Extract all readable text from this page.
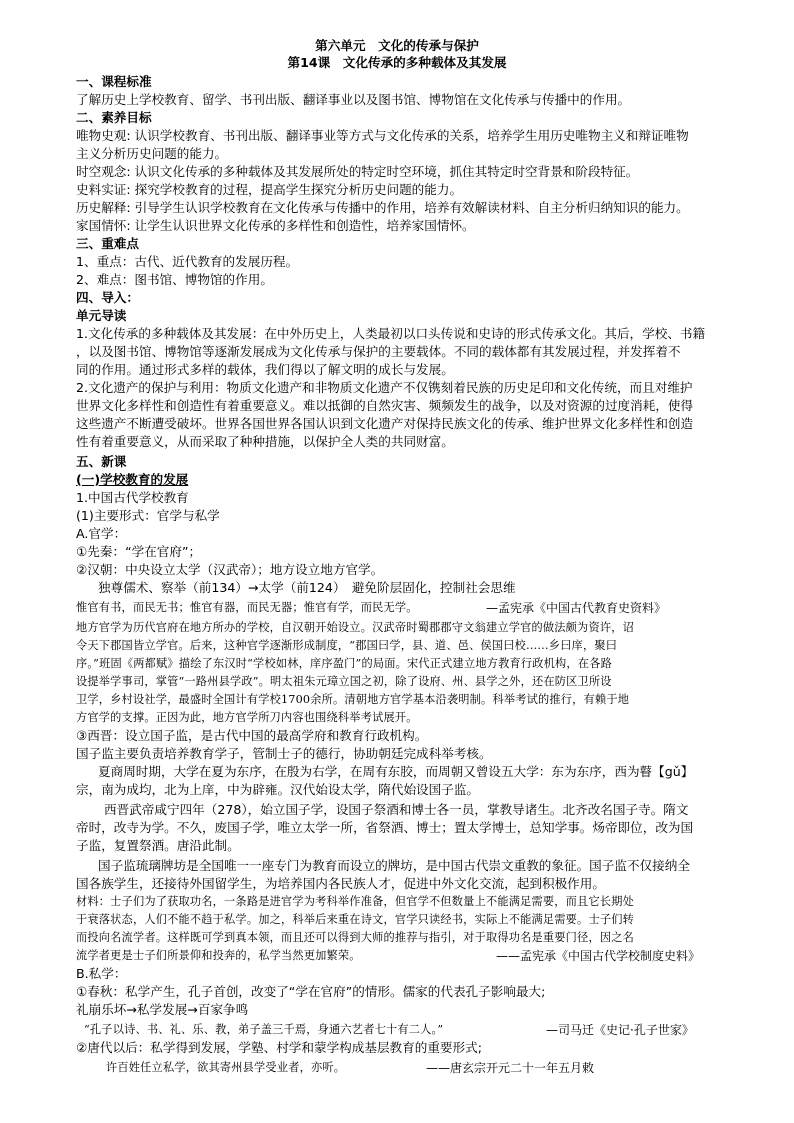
第六单元　文化的传承与保护
第14课　文化传承的多种载体及其发展
一、课程标准
了解历史上学校教育、留学、书刊出版、翻译事业以及图书馆、博物馆在文化传承与传播中的作用。
二、素养目标
唯物史观: 认识学校教育、书刊出版、翻译事业等方式与文化传承的关系，培养学生用历史唯物主义和辩证唯物
主义分析历史问题的能力。
时空观念: 认识文化传承的多种载体及其发展所处的特定时空环境，抓住其特定时空背景和阶段特征。
史料实证: 探究学校教育的过程，提高学生探究分析历史问题的能力。
历史解释: 引导学生认识学校教育在文化传承与传播中的作用，培养有效解读材料、自主分析归纳知识的能力。
家国情怀: 让学生认识世界文化传承的多样性和创造性，培养家国情怀。
三、重难点
1、重点：古代、近代教育的发展历程。
2、难点：图书馆、博物馆的作用。
四、导入：
单元导读
1.文化传承的多种载体及其发展：在中外历史上，人类最初以口头传说和史诗的形式传承文化。其后，学校、书籍
，以及图书馆、博物馆等逐渐发展成为文化传承与保护的主要载体。不同的载体都有其发展过程，并发挥着不
同的作用。通过形式多样的载体，我们得以了解文明的成长与发展。
2.文化遗产的保护与利用：物质文化遗产和非物质文化遗产不仅镌刻着民族的历史足印和文化传统，而且对维护
世界文化多样性和创造性有着重要意义。难以抵御的自然灾害、频频发生的战争，以及对资源的过度消耗，使得
这些遗产不断遭受破坏。世界各国世界各国认识到文化遗产对保持民族文化的传承、维护世界文化多样性和创造
性有着重要意义，从而采取了种种措施，以保护全人类的共同财富。
五、新课
(一)学校教育的发展
1.中国古代学校教育
(1)主要形式：官学与私学
A.官学：
①先秦：“学在官府”；
②汉朝：中央设立太学（汉武帝）；地方设立地方官学。
独尊儒术、察举（前134）→太学（前124）　避免阶层固化，控制社会思维
惟官有书，而民无书；惟官有器，而民无器；惟官有学，而民无学。	—孟宪承《中国古代教育史资料》
地方官学为历代官府在地方所办的学校，自汉朝开始设立。汉武帝时蜀郡郡守文翁建立学官的做法颇为资许，诏
令天下郡国皆立学官。后来，这种官学逐渐形成制度，“郡国曰学，县、道、邑、侯国曰校……乡曰庠，聚曰
序。”班固《两都赋》描绘了东汉时“学校如林，庠序盈门”的局面。宋代正式建立地方教育行政机构，在各路
设提举学事司，掌管“一路州县学政”。明太祖朱元璋立国之初，除了设府、州、县学之外，还在防区卫所设
卫学，乡村设社学，最盛时全国计有学校1700余所。清朝地方官学基本沿袭明制。科举考试的推行，有赖于地
方官学的支撑。正因为此，地方官学所刀内容也围绕科举考试展开。
③西晋：设立国子监，是古代中国的最高学府和教育行政机构。
国子监主要负责培养教育学子，管制士子的德行，协助朝廷完成科举考核。
夏商周时期，大学在夏为东序，在殷为右学，在周有东胶，而周朝又曾设五大学：东为东序，西为瞽【gǔ】
宗，南为成均，北为上庠，中为辟雍。汉代始设太学，隋代始设国子监。
西晋武帝咸宁四年（278），始立国子学，设国子祭酒和博士各一员，掌教导诸生。北齐改名国子寺。隋文
帝时，改寺为学。不久，废国子学，唯立太学一所，省祭酒、博士；置太学博士，总知学事。炀帝即位，改为国
子监，复置祭酒。唐沿此制。
国子监琉璃牌坊是全国唯一一座专门为教育而设立的牌坊，是中国古代崇文重教的象征。国子监不仅接纳全
国各族学生，还接待外国留学生，为培养国内各民族人才，促进中外文化交流，起到积极作用。
材料：士子们为了获取功名，一条路是进官学为考科举作准备，但官学不但数量上不能满足需要，而且它长期处
于衰落状态，人们不能不趋于私学。加之，科举后来重在诗文，官学只读经书，实际上不能满足需要。士子们转
而投向名流学者。这样既可学到真本领，而且还可以得到大师的推荐与指引，对于取得功名是重要门径，因之名
流学者更是士子们所景仰和投奔的，私学当然更加繁荣。	——孟宪承《中国古代学校制度史料》
B.私学：
①春秋：私学产生，孔子首创，改变了“学在官府”的情形。儒家的代表孔子影响最大;
礼崩乐坏→私学发展→百家争鸣
“孔子以诗、书、礼、乐、教，弟子盖三千焉，身通六艺者七十有二人。”	—司马迁《史记·孔子世家》
②唐代以后：私学得到发展，学塾、村学和蒙学构成基层教育的重要形式;
许百姓任立私学，欲其寄州县学受业者，亦听。	——唐玄宗开元二十一年五月敕
